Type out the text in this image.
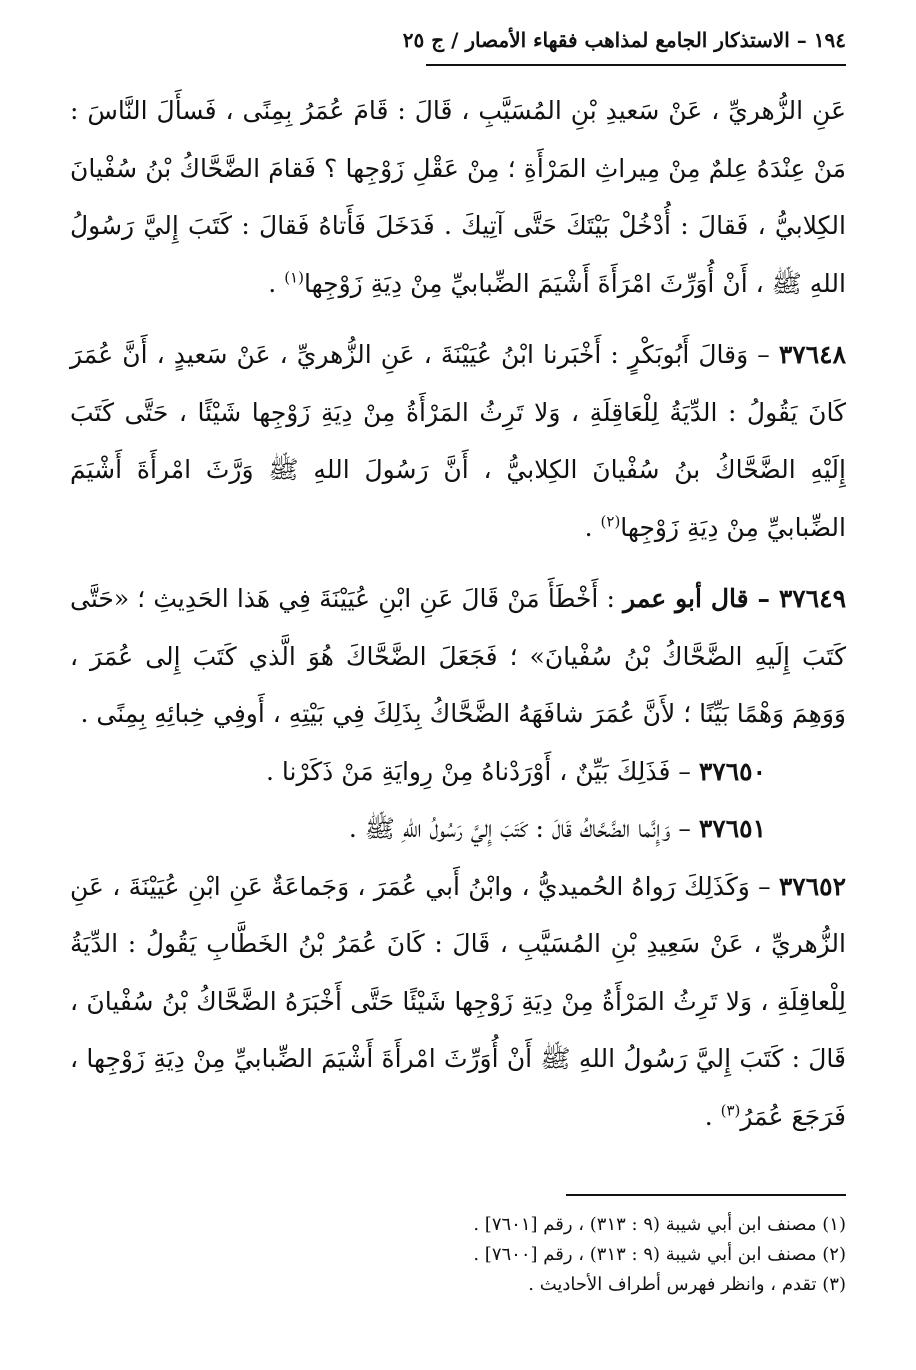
١٩٤ – الاستذكار الجامع لمذاهب فقهاء الأمصار / ج ٢٥

عَنِ الزُّهريِّ ، عَنْ سَعيدِ بْنِ المُسَيَّبِ ، قَالَ : قَامَ عُمَرُ بِمِنًى ، فَسأَلَ النَّاسَ : مَنْ عِنْدَهُ عِلمٌ مِنْ مِيراثِ المَرْأَةِ ؛ مِنْ عَقْلِ زَوْجِها ؟ فَقامَ الضَّحَّاكُ بْنُ سُفْيانَ الكِلابيُّ ، فَقالَ : أُدْخُلْ بَيْتَكَ حَتَّى آتِيكَ . فَدَخَلَ فَأَتاهُ فَقالَ : كَتَبَ إِليَّ رَسُولُ اللهِ ﷺ ، أَنْ أُوَرِّثَ امْرَأَةَ أَشْيَمَ الضِّبابيِّ مِنْ دِيَةِ زَوْجِها$^{(١)}$ .

٣٧٦٤٨ – وَقالَ أَبُوبَكْرٍ : أَخْبَرنا ابْنُ عُيَيْنَةَ ، عَنِ الزُّهريِّ ، عَنْ سَعيدٍ ، أَنَّ عُمَرَ كَانَ يَقُولُ : الدِّيَةُ لِلْعَاقِلَةِ ، وَلا تَرِثُ المَرْأَةُ مِنْ دِيَةِ زَوْجِها شَيْئًا ، حَتَّى كَتَبَ إِلَيْهِ الضَّحَّاكُ بنُ سُفْيانَ الكِلابيُّ ، أَنَّ رَسُولَ اللهِ ﷺ وَرَّثَ امْرأَةَ أَشْيَمَ الضِّبابيِّ مِنْ دِيَةِ زَوْجِها$^{(٢)}$ .

٣٧٦٤٩ – قال أبو عمر : أَخْطَأَ مَنْ قَالَ عَنِ ابْنِ عُيَيْنَةَ فِي هَذا الحَدِيثِ ؛ «حَتَّى كَتَبَ إِلَيهِ الضَّحَّاكُ بْنُ سُفْيانَ» ؛ فَجَعَلَ الضَّحَّاكَ هُوَ الَّذي كَتَبَ إِلى عُمَرَ ، وَوَهِمَ وَهْمًا بَيِّنًا ؛ لأَنَّ عُمَرَ شافَهَهُ الضَّحَّاكُ بِذَلِكَ فِي بَيْتِهِ ، أَوفِي خِبائِهِ بِمِنًى .

٣٧٦٥٠ – فَذَلِكَ بَيِّنٌ ، أَوْرَدْناهُ مِنْ رِوايَةِ مَنْ ذَكَرْنا .

٣٧٦٥١ – وَإِنَّما الضَّحَّاكُ قَالَ : كَتَبَ إِليَّ رَسُولُ اللهِ ﷺ .

٣٧٦٥٢ – وَكَذَلِكَ رَواهُ الحُميديُّ ، وابْنُ أَبي عُمَرَ ، وَجَماعَةٌ عَنِ ابْنِ عُيَيْنَةَ ، عَنِ الزُّهريِّ ، عَنْ سَعِيدِ بْنِ المُسَيَّبِ ، قَالَ : كَانَ عُمَرُ بْنُ الخَطَّابِ يَقُولُ : الدِّيَةُ لِلْعاقِلَةِ ، وَلا تَرِثُ المَرْأَةُ مِنْ دِيَةِ زَوْجِها شَيْئًا حَتَّى أَخْبَرَهُ الضَّحَّاكُ بْنُ سُفْيانَ ، قَالَ : كَتَبَ إِليَّ رَسُولُ اللهِ ﷺ أَنْ أُوَرِّثَ امْرأَةَ أَشْيَمَ الضِّبابيِّ مِنْ دِيَةِ زَوْجِها ، فَرَجَعَ عُمَرُ$^{(٣)}$ .

(١) مصنف ابن أبي شيبة (٩ : ٣١٣) ، رقم [٧٦٠١] .

(٢) مصنف ابن أبي شيبة (٩ : ٣١٣) ، رقم [٧٦٠٠] .

(٣) تقدم ، وانظر فهرس أطراف الأحاديث .
